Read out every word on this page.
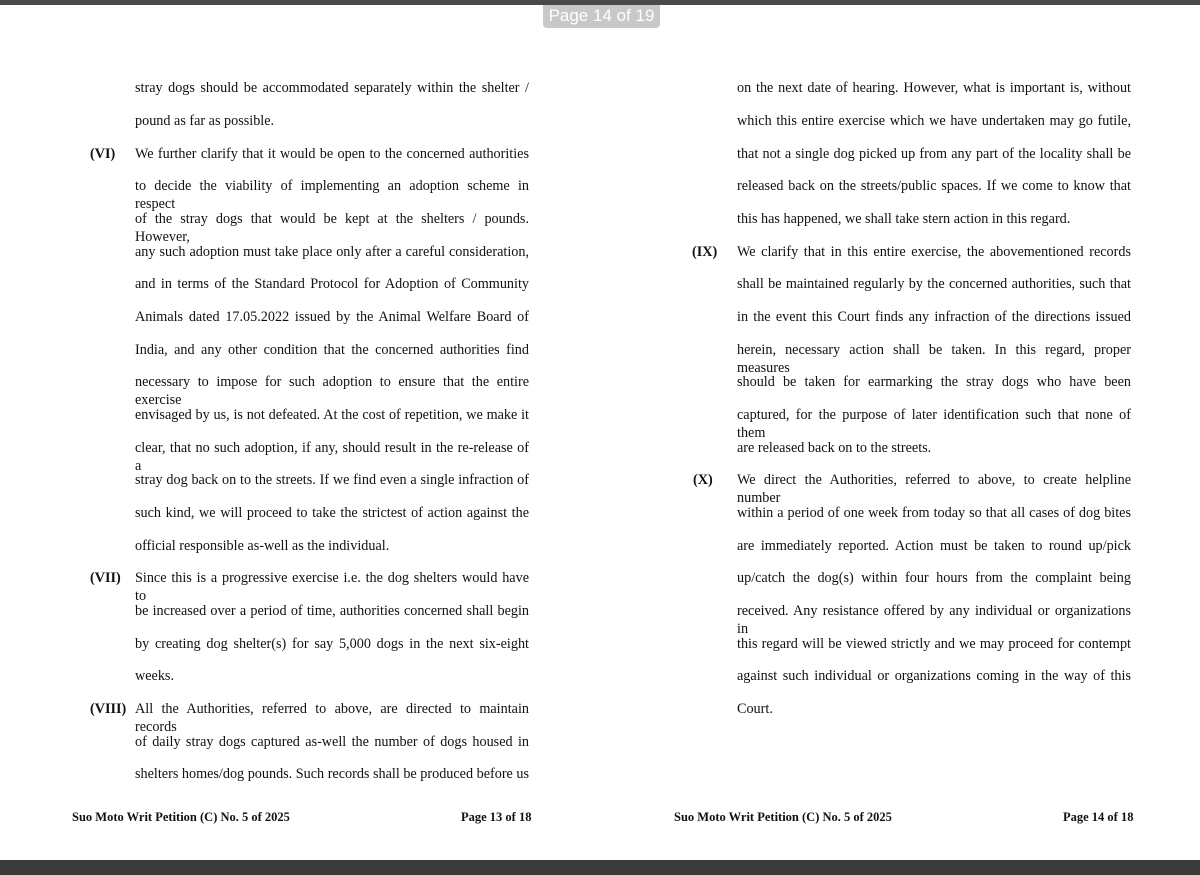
(VI)
(VII)
(VIII)
stray dogs should be accommodated separately within the shelter /
pound as far as possible.
We further clarify that it would be open to the concerned authorities
to decide the viability of implementing an adoption scheme in respect
of the stray dogs that would be kept at the shelters / pounds. However,
any such adoption must take place only after a careful consideration,
and in terms of the Standard Protocol for Adoption of Community
Animals dated 17.05.2022 issued by the Animal Welfare Board of
India, and any other condition that the concerned authorities find
necessary to impose for such adoption to ensure that the entire exercise
envisaged by us, is not defeated. At the cost of repetition, we make it
clear, that no such adoption, if any, should result in the re-release of a
stray dog back on to the streets. If we find even a single infraction of
such kind, we will proceed to take the strictest of action against the
official responsible as-well as the individual.
Since this is a progressive exercise i.e. the dog shelters would have to
be increased over a period of time, authorities concerned shall begin
by creating dog shelter(s) for say 5,000 dogs in the next six-eight
weeks.
All the Authorities, referred to above, are directed to maintain records
of daily stray dogs captured as-well the number of dogs housed in
shelters homes/dog pounds. Such records shall be produced before us
Suo Moto Writ Petition (C) No. 5 of 2025	Page 13 of 18
(IX)
(X)
on the next date of hearing. However, what is important is, without
which this entire exercise which we have undertaken may go futile,
that not a single dog picked up from any part of the locality shall be
released back on the streets/public spaces. If we come to know that
this has happened, we shall take stern action in this regard.
We clarify that in this entire exercise, the abovementioned records
shall be maintained regularly by the concerned authorities, such that
in the event this Court finds any infraction of the directions issued
herein, necessary action shall be taken. In this regard, proper measures
should be taken for earmarking the stray dogs who have been
captured, for the purpose of later identification such that none of them
are released back on to the streets.
We direct the Authorities, referred to above, to create helpline number
within a period of one week from today so that all cases of dog bites
are immediately reported. Action must be taken to round up/pick
up/catch the dog(s) within four hours from the complaint being
received. Any resistance offered by any individual or organizations in
this regard will be viewed strictly and we may proceed for contempt
against such individual or organizations coming in the way of this
Court.
Suo Moto Writ Petition (C) No. 5 of 2025	Page 14 of 18
Page 14 of 19
